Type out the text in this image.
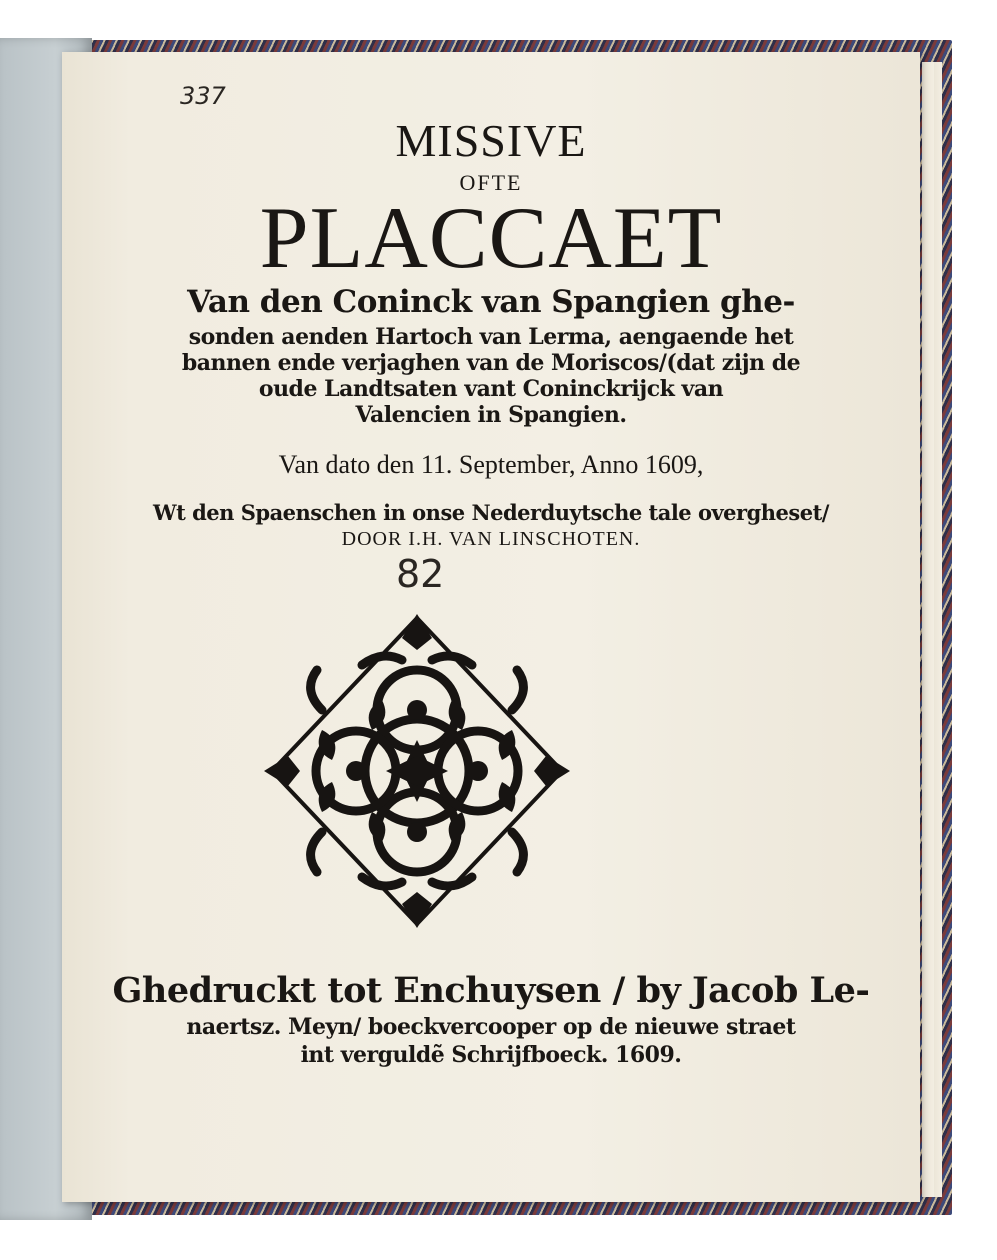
337
MISSIVE
OFTE
PLACCAET
Van den Coninck van Spangien ghe-
sonden aenden Hartoch van Lerma, aengaende het
bannen ende verjaghen van de Moriscos/(dat zijn de
oude Landtsaten vant Coninckrijck van
Valencien in Spangien.
Van dato den 11. September, Anno 1609,
Wt den Spaenschen in onse Nederduytsche tale overgheset/
DOOR I.H. VAN LINSCHOTEN.
82
Ghedruckt tot Enchuysen / by Jacob Le-
naertsz. Meyn/ boeckvercooper op de nieuwe straet
int verguldẽ Schrijfboeck. 1609.
